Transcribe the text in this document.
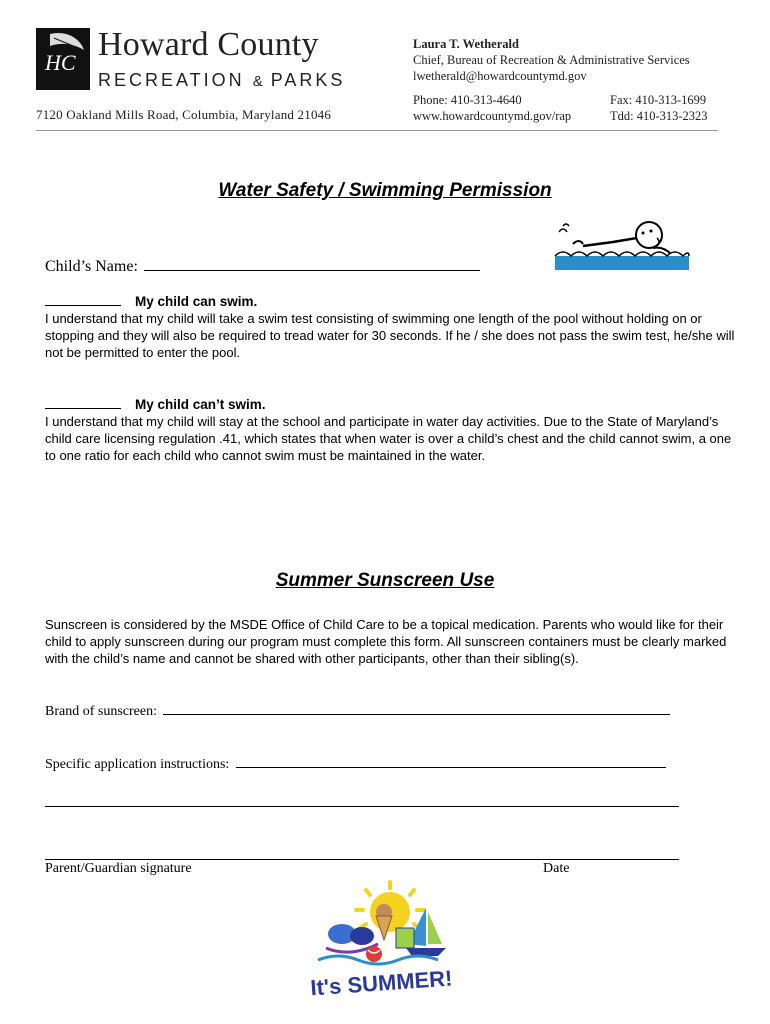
HC Howard County
RECREATION & PARKS
7120 Oakland Mills Road, Columbia, Maryland 21046
Laura T. Wetherald
Chief, Bureau of Recreation & Administrative Services
lwetherald@howardcountymd.gov
Phone: 410-313-4640
www.howardcountymd.gov/rap
Fax: 410-313-1699
Tdd: 410-313-2323
Water Safety / Swimming Permission
Child’s Name:
My child can swim.
I understand that my child will take a swim test consisting of swimming one length of the pool without holding on or stopping and they will also be required to tread water for 30 seconds. If he / she does not pass the swim test, he/she will not be permitted to enter the pool.
My child can’t swim.
I understand that my child will stay at the school and participate in water day activities. Due to the State of Maryland’s child care licensing regulation .41, which states that when water is over a child’s chest and the child cannot swim, a one to one ratio for each child who cannot swim must be maintained in the water.
Summer Sunscreen Use
Sunscreen is considered by the MSDE Office of Child Care to be a topical medication. Parents who would like for their child to apply sunscreen during our program must complete this form. All sunscreen containers must be clearly marked with the child’s name and cannot be shared with other participants, other than their sibling(s).
Brand of sunscreen:
Specific application instructions:
Parent/Guardian signature	Date
It's SUMMER!
